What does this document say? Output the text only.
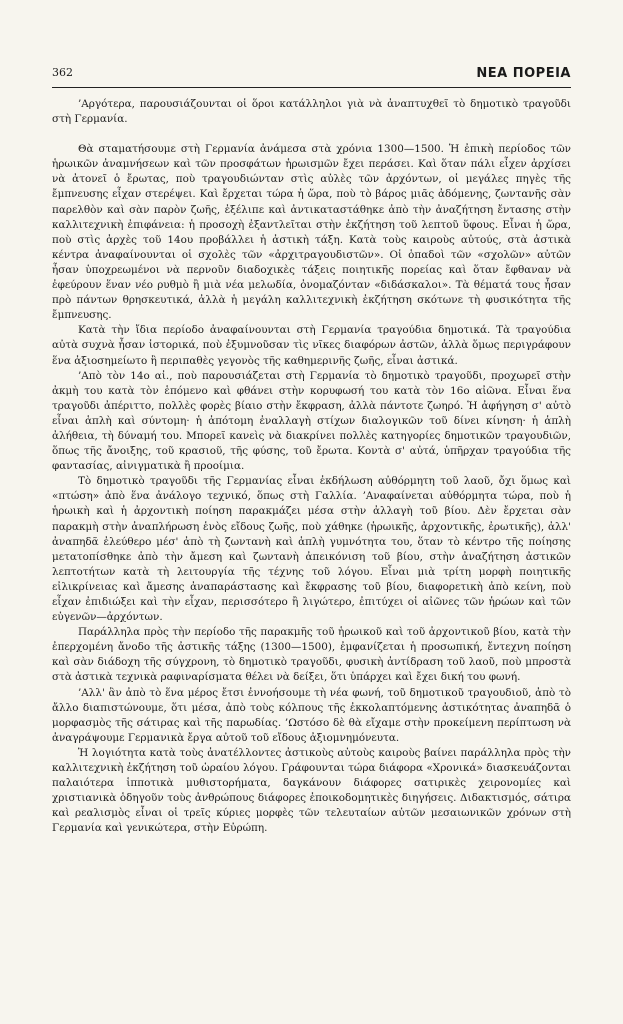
362	ΝΕΑ ΠΟΡΕΙΑ

’Αργότερα, παρουσιάζουνται οἱ ὅροι κατάλληλοι γιὰ νὰ ἀναπτυχθεῖ τὸ δημοτικὸ τραγοῦδι στὴ Γερμανία.

Θὰ σταματήσουμε στὴ Γερμανία ἀνάμεσα στὰ χρόνια 1300—1500. Ἡ ἐπικὴ περίοδος τῶν ἡρωικῶν ἀναμνήσεων καὶ τῶν προσφάτων ἡρωισμῶν ἔχει περάσει. Καὶ ὅταν πάλι εἶχεν ἀρχίσει νὰ ἀτονεῖ ὁ ἔρωτας, ποὺ τραγουδιώνταν στὶς αὐλὲς τῶν ἀρχόντων, οἱ μεγάλες πηγὲς τῆς ἔμπνευσης εἶχαν στερέψει. Καὶ ἔρχεται τώρα ἡ ὥρα, ποὺ τὸ βάρος μιᾶς ἀδόμενης, ζωντανῆς σὰν παρελθὸν καὶ σὰν παρὸν ζωῆς, ἐξέλιπε καὶ ἀντικαταστάθηκε ἀπὸ τὴν ἀναζήτηση ἔντασης στὴν καλλιτεχνικὴ ἐπιφάνεια: ἡ προσοχὴ ἐξαντλεῖται στὴν ἐκζήτηση τοῦ λεπτοῦ ὕφους. Εἶναι ἡ ὥρα, ποὺ στὶς ἀρχὲς τοῦ 14ου προβάλλει ἡ ἀστικὴ τάξη. Κατὰ τοὺς καιροὺς αὐτούς, στὰ ἀστικὰ κέντρα ἀναφαίνουνται οἱ σχολὲς τῶν «ἀρχιτραγουδιστῶν». Οἱ ὁπαδοὶ τῶν «σχολῶν» αὐτῶν ἦσαν ὑποχρεωμένοι νὰ περνοῦν διαδοχικὲς τάξεις ποιητικῆς πορείας καὶ ὅταν ἔφθαναν νὰ ἐφεύρουν ἕναν νέο ρυθμὸ ἢ μιὰ νέα μελωδία, ὀνομαζόνταν «διδάσκαλοι». Τὰ θέματά τους ἦσαν πρὸ πάντων θρησκευτικά, ἀλλὰ ἡ μεγάλη καλλιτεχνικὴ ἐκζήτηση σκότωνε τὴ φυσικότητα τῆς ἔμπνευσης.

Κατὰ τὴν ἴδια περίοδο ἀναφαίνουνται στὴ Γερμανία τραγούδια δημοτικά. Τὰ τραγούδια αὐτὰ συχνὰ ἦσαν ἱστορικά, ποὺ ἐξυμνοῦσαν τὶς νῖκες διαφόρων ἀστῶν, ἀλλὰ ὅμως περιγράφουν ἕνα ἀξιοσημείωτο ἢ περιπαθὲς γεγονὸς τῆς καθημερινῆς ζωῆς, εἶναι ἀστικά.

’Απὸ τὸν 14ο αἰ., ποὺ παρουσιάζεται στὴ Γερμανία τὸ δημοτικὸ τραγοῦδι, προχωρεῖ στὴν ἀκμὴ του κατὰ τὸν ἑπόμενο καὶ φθάνει στὴν κορυφωσή του κατὰ τὸν 16ο αἰῶνα. Εἶναι ἕνα τραγοῦδι ἀπέριττο, πολλὲς φορὲς βίαιο στὴν ἔκφραση, ἀλλὰ πάντοτε ζωηρό. Ἡ ἀφήγηση σ' αὐτὸ εἶναι ἁπλὴ καὶ σύντομη· ἡ ἀπότομη ἐναλλαγὴ στίχων διαλογικῶν τοῦ δίνει κίνηση· ἡ ἁπλὴ ἀλήθεια, τὴ δύναμή του. Μπορεῖ κανεὶς νὰ διακρίνει πολλὲς κατηγορίες δημοτικῶν τραγουδιῶν, ὅπως τῆς ἄνοιξης, τοῦ κρασιοῦ, τῆς φύσης, τοῦ ἔρωτα. Κοντὰ σ' αὐτά, ὑπῆρχαν τραγούδια τῆς φαντασίας, αἰνιγματικὰ ἢ προοίμια.

Τὸ δημοτικὸ τραγοῦδι τῆς Γερμανίας εἶναι ἐκδήλωση αὐθόρμητη τοῦ λαοῦ, ὄχι ὅμως καὶ «πτώση» ἀπὸ ἕνα ἀνάλογο τεχνικό, ὅπως στὴ Γαλλία. ’Αναφαίνεται αὐθόρμητα τώρα, ποὺ ἡ ἡρωικὴ καὶ ἡ ἀρχοντικὴ ποίηση παρακμάζει μέσα στὴν ἀλλαγὴ τοῦ βίου. Δὲν ἔρχεται σὰν παρακμὴ στὴν ἀναπλήρωση ἑνὸς εἴδους ζωῆς, ποὺ χάθηκε (ἡρωικῆς, ἀρχοντικῆς, ἐρωτικῆς), ἀλλ' ἀναπηδᾶ ἐλεύθερο μέσ' ἀπὸ τὴ ζωντανὴ καὶ ἁπλὴ γυμνότητα του, ὅταν τὸ κέντρο τῆς ποίησης μετατοπίσθηκε ἀπὸ τὴν ἄμεση καὶ ζωντανὴ ἀπεικόνιση τοῦ βίου, στὴν ἀναζήτηση ἀστικῶν λεπτοτήτων κατὰ τὴ λειτουργία τῆς τέχνης τοῦ λόγου. Εἶναι μιὰ τρίτη μορφὴ ποιητικῆς εἰλικρίνειας καὶ ἄμεσης ἀναπαράστασης καὶ ἔκφρασης τοῦ βίου, διαφορετικὴ ἀπὸ κείνη, ποὺ εἶχαν ἐπιδιώξει καὶ τὴν εἶχαν, περισσότερο ἢ λιγώτερο, ἐπιτύχει οἱ αἰῶνες τῶν ἡρώων καὶ τῶν εὐγενῶν—ἀρχόντων.

Παράλληλα πρὸς τὴν περίοδο τῆς παρακμῆς τοῦ ἡρωικοῦ καὶ τοῦ ἀρχοντικοῦ βίου, κατὰ τὴν ἐπερχομένη ἄνοδο τῆς ἀστικῆς τάξης (1300—1500), ἐμφανίζεται ἡ προσωπική, ἔντεχνη ποίηση καὶ σὰν διάδοχη τῆς σύγχρονη, τὸ δημοτικὸ τραγοῦδι, φυσικὴ ἀντίδραση τοῦ λαοῦ, ποὺ μπροστὰ στὰ ἀστικὰ τεχνικὰ ραφιναρίσματα θέλει νὰ δείξει, ὅτι ὑπάρχει καὶ ἔχει δική του φωνή.

’Αλλ' ἂν ἀπὸ τὸ ἕνα μέρος ἔτσι ἐννοήσουμε τὴ νέα φωνή, τοῦ δημοτικοῦ τραγουδιοῦ, ἀπὸ τὸ ἄλλο διαπιστώνουμε, ὅτι μέσα, ἀπὸ τοὺς κόλπους τῆς ἐκκολαπτόμενης ἀστικότητας ἀναπηδᾶ ὁ μορφασμὸς τῆς σάτιρας καὶ τῆς παρωδίας. ’Ωστόσο δὲ θὰ εἴχαμε στὴν προκείμενη περίπτωση νὰ ἀναγράψουμε Γερμανικὰ ἔργα αὐτοῦ τοῦ εἴδους ἀξιομνημόνευτα.

Ἡ λογιότητα κατὰ τοὺς ἀνατέλλοντες ἀστικοὺς αὐτοὺς καιροὺς βαίνει παράλληλα πρὸς τὴν καλλιτεχνικὴ ἐκζήτηση τοῦ ὡραίου λόγου. Γράφουνται τώρα διάφορα «Χρονικά» διασκευάζονται παλαιότερα ἱπποτικὰ μυθιστορήματα, δαγκάνουν διάφορες σατιρικὲς χειρονομίες καὶ χριστιανικὰ ὁδηγοῦν τοὺς ἀνθρώπους διάφορες ἐποικοδομητικὲς διηγήσεις. Διδακτισμός, σάτιρα καὶ ρεαλισμὸς εἶναι οἱ τρεῖς κύριες μορφὲς τῶν τελευταίων αὐτῶν μεσαιωνικῶν χρόνων στὴ Γερμανία καὶ γενικώτερα, στὴν Εὐρώπη.
